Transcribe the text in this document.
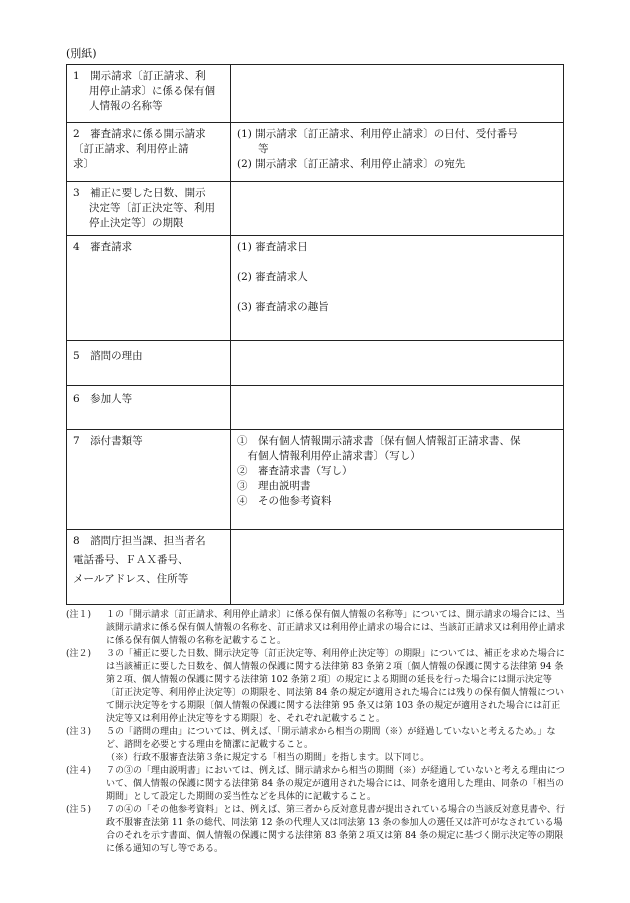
(別紙)
1　開示請求〔訂正請求、利
用停止請求〕に係る保有個
人情報の名称等	

2　審査請求に係る開示請求
〔訂正請求、利用停止請
求〕	(1) 開示請求〔訂正請求、利用停止請求〕の日付、受付番号
　　等
(2) 開示請求〔訂正請求、利用停止請求〕の宛先

3　補正に要した日数、開示
決定等〔訂正決定等、利用
停止決定等〕の期限	

4　審査請求	(1) 審査請求日
(2) 審査請求人
(3) 審査請求の趣旨

5　諮問の理由	

6　参加人等	

7　添付書類等	①　保有個人情報開示請求書〔保有個人情報訂正請求書、保
　有個人情報利用停止請求書〕（写し）
②　審査請求書（写し）
③　理由説明書
④　その他参考資料

8　諮問庁担当課、担当者名
電話番号、ＦＡＸ番号、
メールアドレス、住所等	

(注１)	１の「開示請求〔訂正請求、利用停止請求〕に係る保有個人情報の名称等」については、開示請求の場合には、当該開示請求に係る保有個人情報の名称を、訂正請求又は利用停止請求の場合には、当該訂正請求又は利用停止請求に係る保有個人情報の名称を記載すること。
(注２)	３の「補正に要した日数、開示決定等〔訂正決定等、利用停止決定等〕の期限」については、補正を求めた場合には当該補正に要した日数を、個人情報の保護に関する法律第 83 条第２項〔個人情報の保護に関する法律第 94 条第２項、個人情報の保護に関する法律第 102 条第２項〕の規定による期間の延長を行った場合には開示決定等〔訂正決定等、利用停止決定等〕の期限を、同法第 84 条の規定が適用された場合には残りの保有個人情報について開示決定等をする期限〔個人情報の保護に関する法律第 95 条又は第 103 条の規定が適用された場合には訂正決定等又は利用停止決定等をする期限〕を、それぞれ記載すること。
(注３)	５の「諮問の理由」については、例えば、「開示請求から相当の期間（※）が経過していないと考えるため。」など、諮問を必要とする理由を簡潔に記載すること。
（※）行政不服審査法第３条に規定する「相当の期間」を指します。以下同じ。
(注４)	７の③の「理由説明書」においては、例えば、開示請求から相当の期間（※）が経過していないと考える理由について、個人情報の保護に関する法律第 84 条の規定が適用された場合には、同条を適用した理由、同条の「相当の期間」として設定した期間の妥当性などを具体的に記載すること。
(注５)	７の④の「その他参考資料」とは、例えば、第三者から反対意見書が提出されている場合の当該反対意見書や、行政不服審査法第 11 条の総代、同法第 12 条の代理人又は同法第 13 条の参加人の選任又は許可がなされている場合のそれを示す書面、個人情報の保護に関する法律第 83 条第２項又は第 84 条の規定に基づく開示決定等の期限に係る通知の写し等である。
